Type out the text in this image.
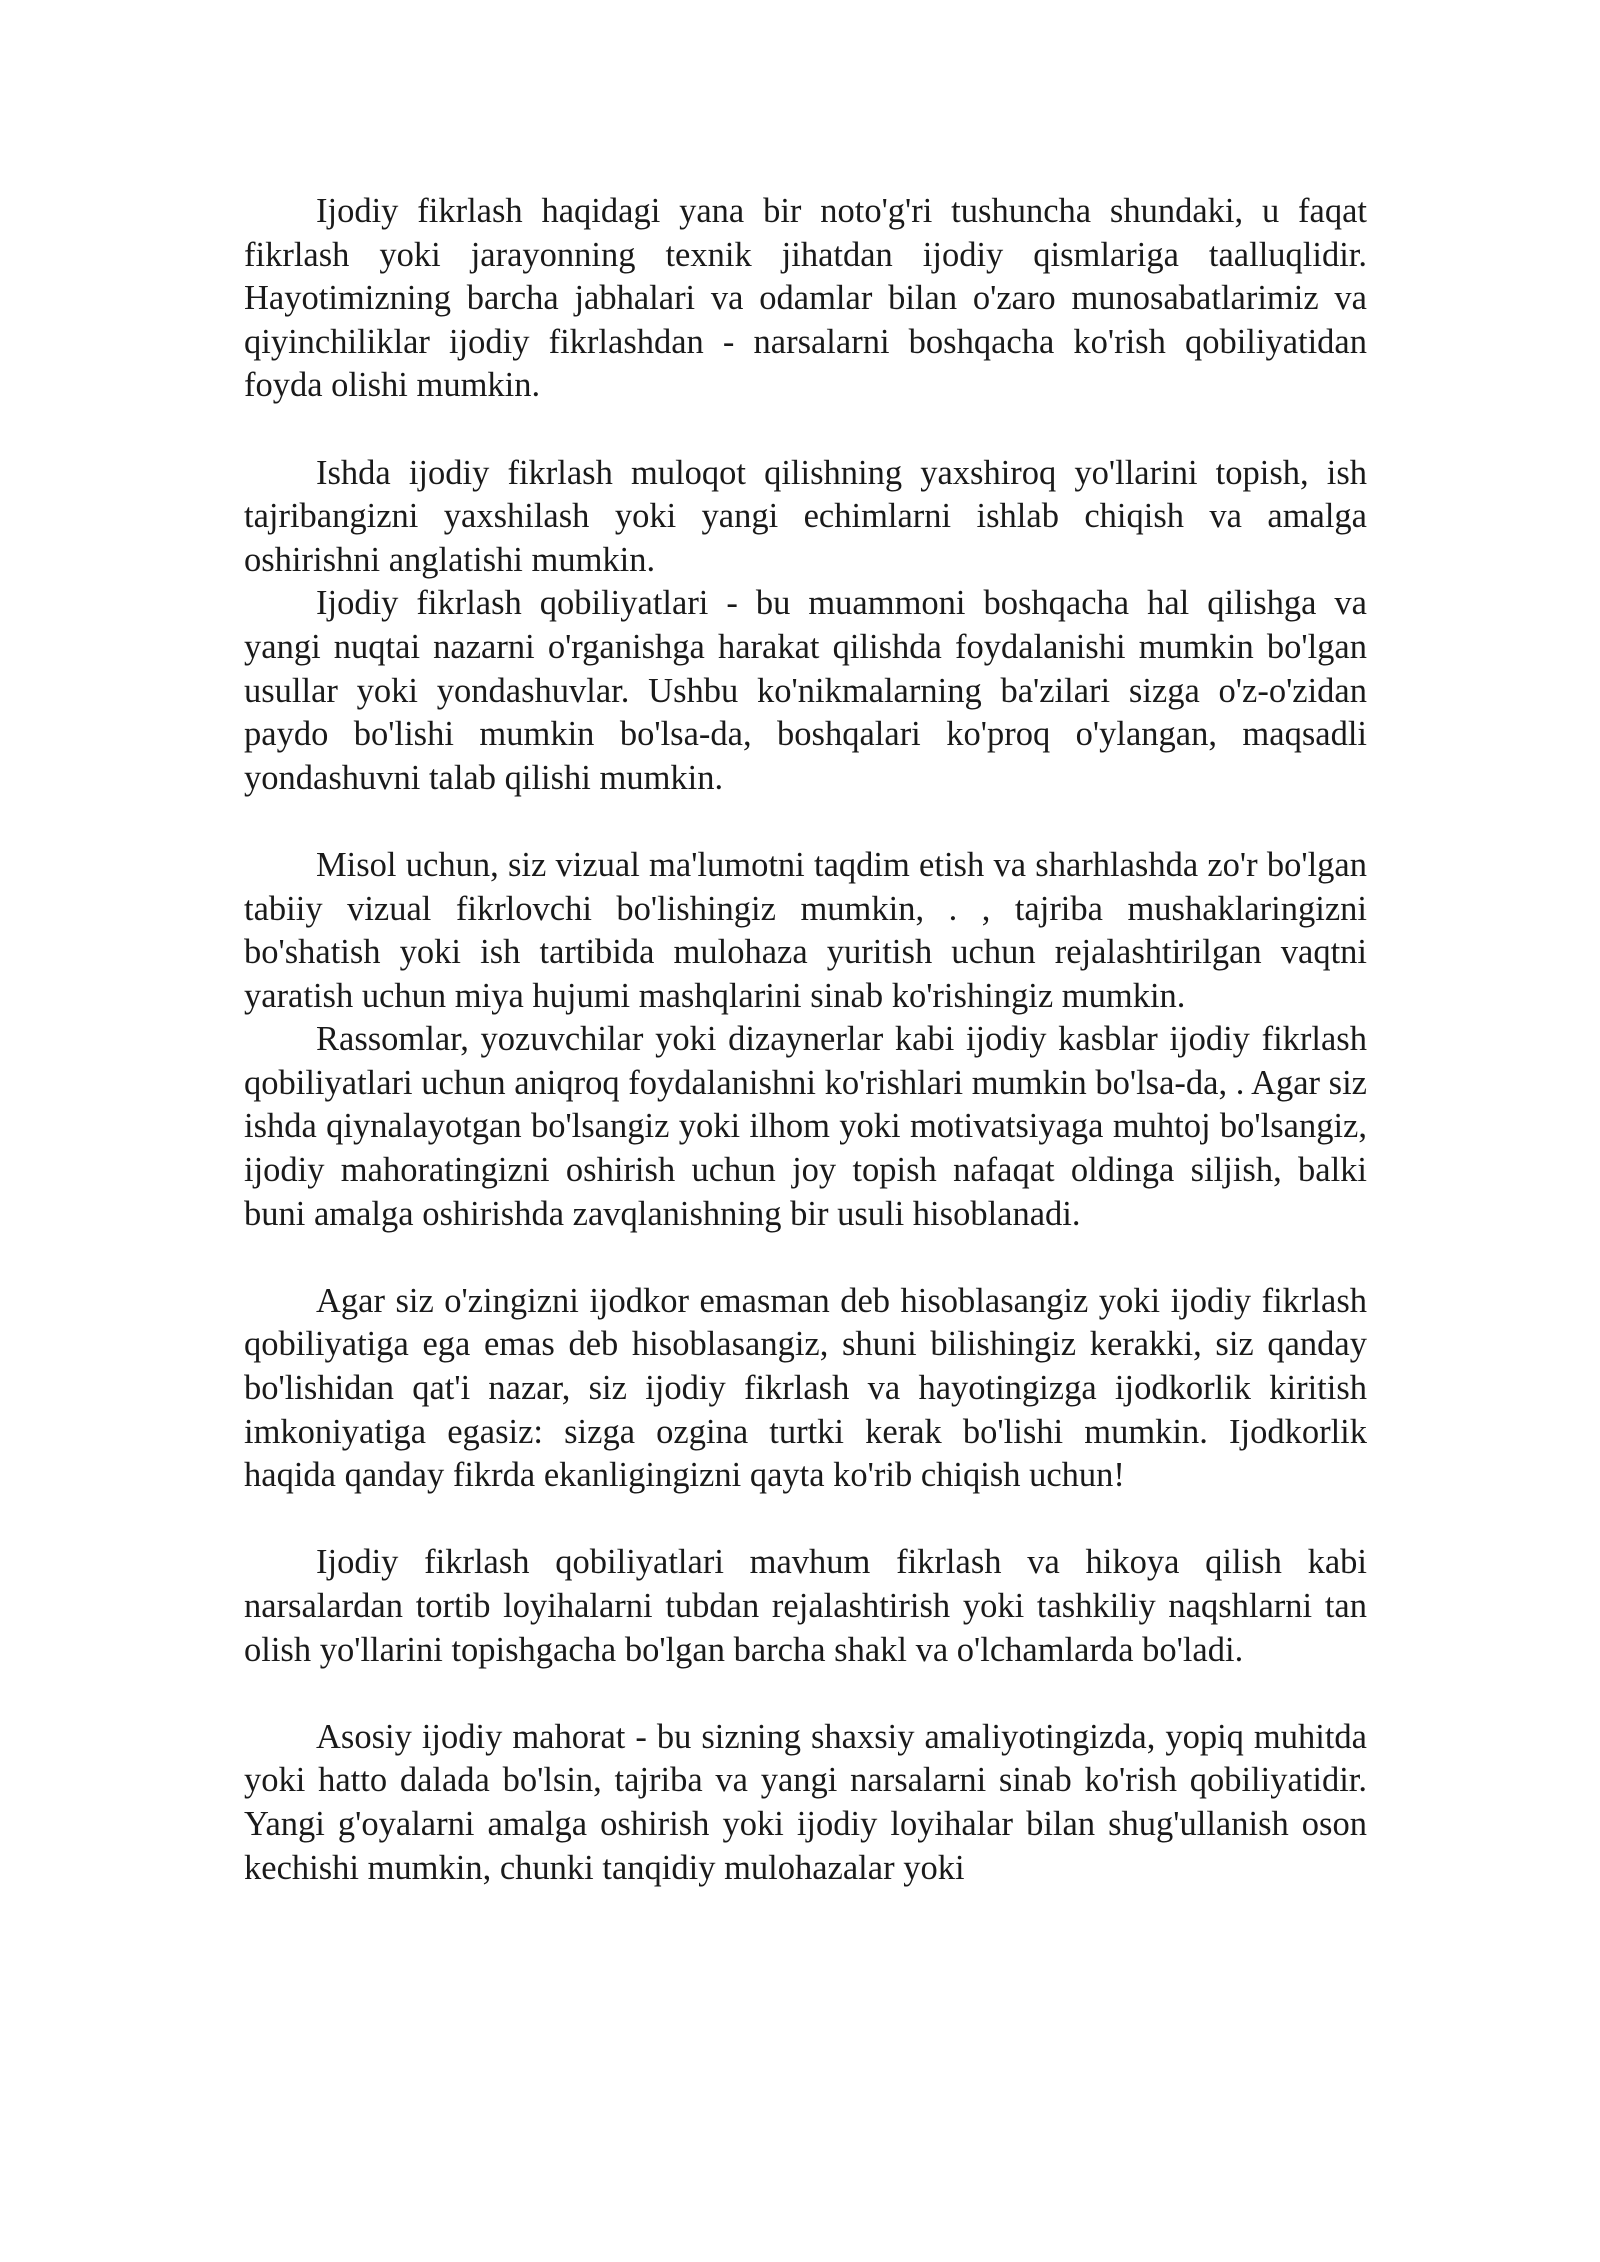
Ijodiy fikrlash haqidagi yana bir noto'g'ri tushuncha shundaki, u faqat fikrlash yoki jarayonning texnik jihatdan ijodiy qismlariga taalluqlidir. Hayotimizning barcha jabhalari va odamlar bilan o'zaro munosabatlarimiz va qiyinchiliklar ijodiy fikrlashdan - narsalarni boshqacha ko'rish qobiliyatidan foyda olishi mumkin.

Ishda ijodiy fikrlash muloqot qilishning yaxshiroq yo'llarini topish, ish tajribangizni yaxshilash yoki yangi echimlarni ishlab chiqish va amalga oshirishni anglatishi mumkin.

Ijodiy fikrlash qobiliyatlari - bu muammoni boshqacha hal qilishga va yangi nuqtai nazarni o'rganishga harakat qilishda foydalanishi mumkin bo'lgan usullar yoki yondashuvlar. Ushbu ko'nikmalarning ba'zilari sizga o'z-o'zidan paydo bo'lishi mumkin bo'lsa-da, boshqalari ko'proq o'ylangan, maqsadli yondashuvni talab qilishi mumkin.

Misol uchun, siz vizual ma'lumotni taqdim etish va sharhlashda zo'r bo'lgan tabiiy vizual fikrlovchi bo'lishingiz mumkin, . , tajriba mushaklaringizni bo'shatish yoki ish tartibida mulohaza yuritish uchun rejalashtirilgan vaqtni yaratish uchun miya hujumi mashqlarini sinab ko'rishingiz mumkin.

Rassomlar, yozuvchilar yoki dizaynerlar kabi ijodiy kasblar ijodiy fikrlash qobiliyatlari uchun aniqroq foydalanishni ko'rishlari mumkin bo'lsa-da, . Agar siz ishda qiynalayotgan bo'lsangiz yoki ilhom yoki motivatsiyaga muhtoj bo'lsangiz, ijodiy mahoratingizni oshirish uchun joy topish nafaqat oldinga siljish, balki buni amalga oshirishda zavqlanishning bir usuli hisoblanadi.

Agar siz o'zingizni ijodkor emasman deb hisoblasangiz yoki ijodiy fikrlash qobiliyatiga ega emas deb hisoblasangiz, shuni bilishingiz kerakki, siz qanday bo'lishidan qat'i nazar, siz ijodiy fikrlash va hayotingizga ijodkorlik kiritish imkoniyatiga egasiz: sizga ozgina turtki kerak bo'lishi mumkin. Ijodkorlik haqida qanday fikrda ekanligingizni qayta ko'rib chiqish uchun!

Ijodiy fikrlash qobiliyatlari mavhum fikrlash va hikoya qilish kabi narsalardan tortib loyihalarni tubdan rejalashtirish yoki tashkiliy naqshlarni tan olish yo'llarini topishgacha bo'lgan barcha shakl va o'lchamlarda bo'ladi.

Asosiy ijodiy mahorat - bu sizning shaxsiy amaliyotingizda, yopiq muhitda yoki hatto dalada bo'lsin, tajriba va yangi narsalarni sinab ko'rish qobiliyatidir. Yangi g'oyalarni amalga oshirish yoki ijodiy loyihalar bilan shug'ullanish oson kechishi mumkin, chunki tanqidiy mulohazalar yoki
